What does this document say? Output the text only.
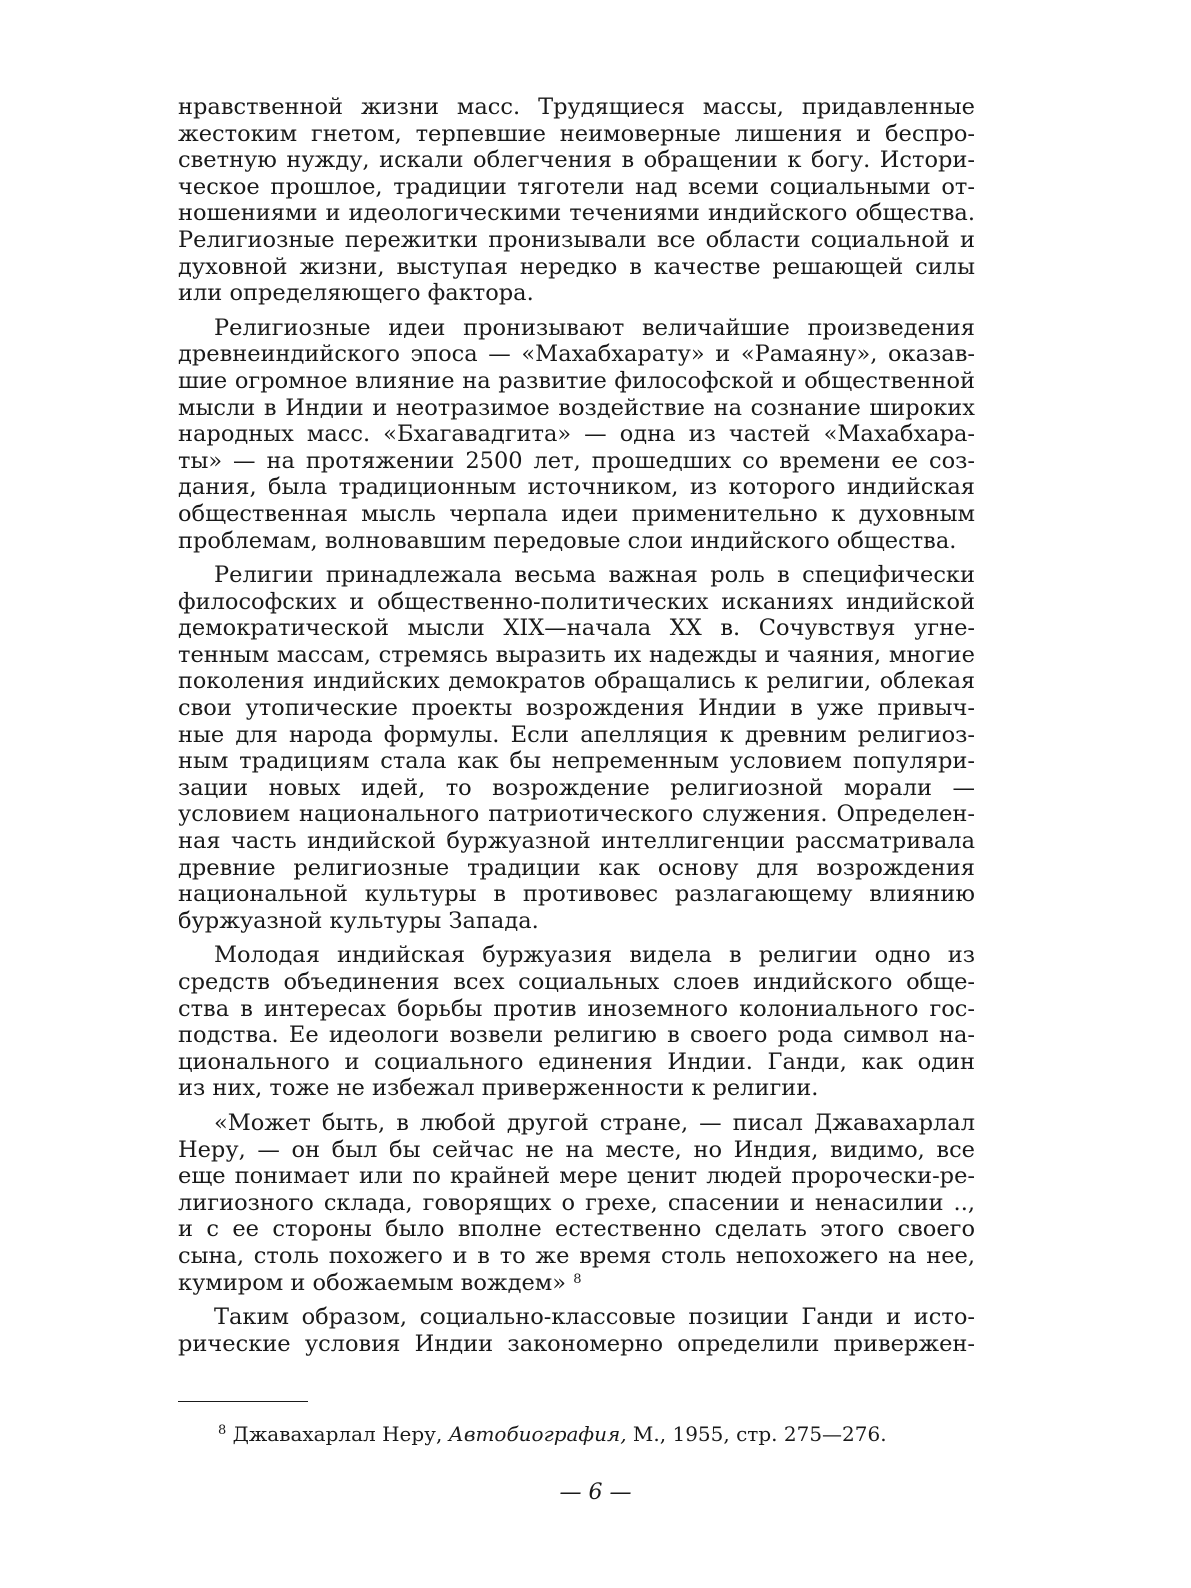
нравственной жизни масс. Трудящиеся массы, придавленные
жестоким гнетом, терпевшие неимоверные лишения и беспро-
светную нужду, искали облегчения в обращении к богу. Истори-
ческое прошлое, традиции тяготели над всеми социальными от-
ношениями и идеологическими течениями индийского общества.
Религиозные пережитки пронизывали все области социальной и
духовной жизни, выступая нередко в качестве решающей силы
или определяющего фактора.
Религиозные идеи пронизывают величайшие произведения
древнеиндийского эпоса — «Махабхарату» и «Рамаяну», оказав-
шие огромное влияние на развитие философской и общественной
мысли в Индии и неотразимое воздействие на сознание широких
народных масс. «Бхагавадгита» — одна из частей «Махабхара-
ты» — на протяжении 2500 лет, прошедших со времени ее соз-
дания, была традиционным источником, из которого индийская
общественная мысль черпала идеи применительно к духовным
проблемам, волновавшим передовые слои индийского общества.
Религии принадлежала весьма важная роль в специфически
философских и общественно-политических исканиях индийской
демократической мысли XIX—начала XX в. Сочувствуя угне-
тенным массам, стремясь выразить их надежды и чаяния, многие
поколения индийских демократов обращались к религии, облекая
свои утопические проекты возрождения Индии в уже привыч-
ные для народа формулы. Если апелляция к древним религиоз-
ным традициям стала как бы непременным условием популяри-
зации новых идей, то возрождение религиозной морали —
условием национального патриотического служения. Определен-
ная часть индийской буржуазной интеллигенции рассматривала
древние религиозные традиции как основу для возрождения
национальной культуры в противовес разлагающему влиянию
буржуазной культуры Запада.
Молодая индийская буржуазия видела в религии одно из
средств объединения всех социальных слоев индийского обще-
ства в интересах борьбы против иноземного колониального гос-
подства. Ее идеологи возвели религию в своего рода символ на-
ционального и социального единения Индии. Ганди, как один
из них, тоже не избежал приверженности к религии.
«Может быть, в любой другой стране, — писал Джавахарлал
Неру, — он был бы сейчас не на месте, но Индия, видимо, все
еще понимает или по крайней мере ценит людей пророчески-ре-
лигиозного склада, говорящих о грехе, спасении и ненасилии ..,
и с ее стороны было вполне естественно сделать этого своего
сына, столь похожего и в то же время столь непохожего на нее,
кумиром и обожаемым вождем» $^8$
Таким образом, социально-классовые позиции Ганди и исто-
рические условия Индии закономерно определили привержен-
$^8$ Джавахарлал Неру, Автобиография, М., 1955, стр. 275—276.
— 6 —
